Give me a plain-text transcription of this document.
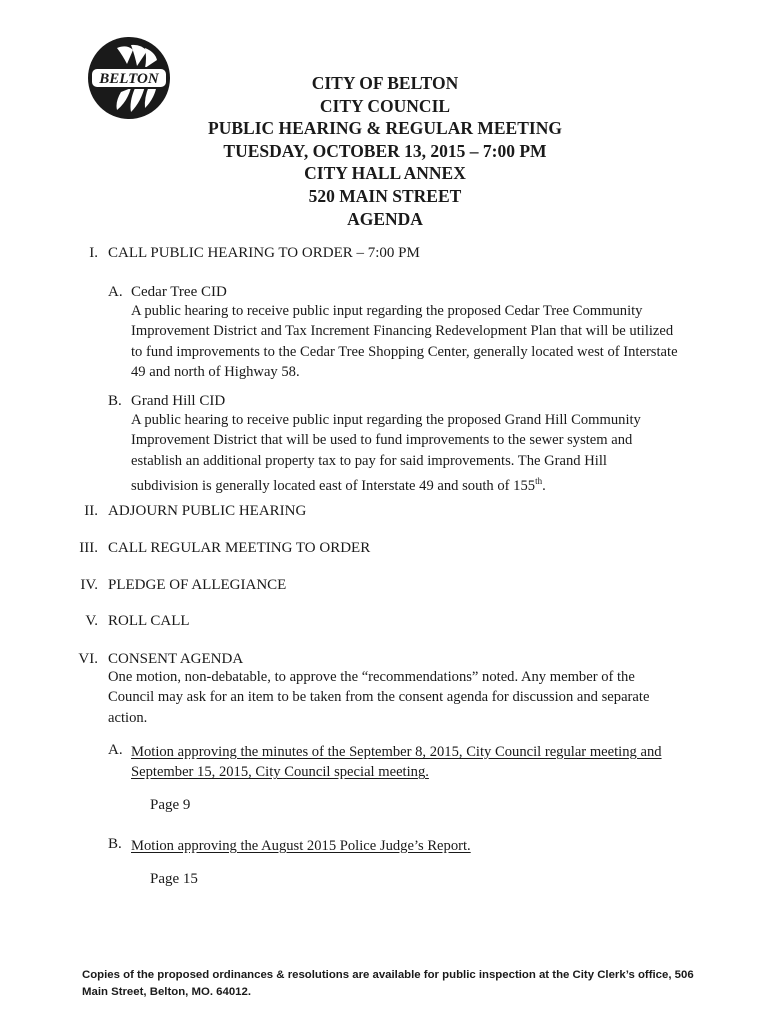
BELTON	CITY OF BELTON
CITY COUNCIL
PUBLIC HEARING & REGULAR MEETING
TUESDAY, OCTOBER 13, 2015 – 7:00 PM
CITY HALL ANNEX
520 MAIN STREET
AGENDA
I. CALL PUBLIC HEARING TO ORDER – 7:00 PM
A. Cedar Tree CID

A public hearing to receive public input regarding the proposed Cedar Tree Community Improvement District and Tax Increment Financing Redevelopment Plan that will be utilized to fund improvements to the Cedar Tree Shopping Center, generally located west of Interstate 49 and north of Highway 58.

B. Grand Hill CID

A public hearing to receive public input regarding the proposed Grand Hill Community Improvement District that will be used to fund improvements to the sewer system and establish an additional property tax to pay for said improvements. The Grand Hill subdivision is generally located east of Interstate 49 and south of 155th.

II. ADJOURN PUBLIC HEARING
III. CALL REGULAR MEETING TO ORDER
IV. PLEDGE OF ALLEGIANCE
V. ROLL CALL
VI. CONSENT AGENDA

One motion, non-debatable, to approve the “recommendations” noted. Any member of the Council may ask for an item to be taken from the consent agenda for discussion and separate action.

A. Motion approving the minutes of the September 8, 2015, City Council regular meeting and September 15, 2015, City Council special meeting.

Page 9
B. Motion approving the August 2015 Police Judge’s Report.

Page 15
Copies of the proposed ordinances & resolutions are available for public inspection at the City Clerk’s office, 506 Main Street, Belton, MO. 64012.
